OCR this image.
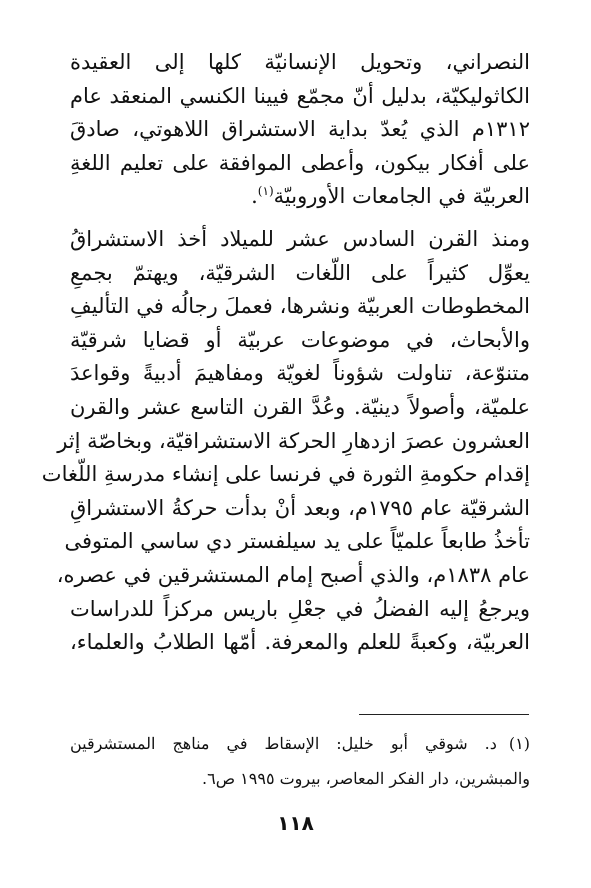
النصراني، وتحويل الإنسانيّة كلها إلى العقيدة
الكاثوليكيّة، بدليل أنّ مجمّع فيينا الكنسي المنعقد عام
١٣١٢م الذي يُعدّ بداية الاستشراق اللاهوتي، صادقَ
على أفكار بيكون، وأعطى الموافقة على تعليم اللغةِ
العربيّة في الجامعات الأوروبيّة$^{(١)}$.

ومنذ القرن السادس عشر للميلاد أخذ الاستشراقُ
يعوِّل كثيراً على اللّغات الشرقيّة، ويهتمّ بجمعِ
المخطوطات العربيّة ونشرها، فعملَ رجالُه في التأليفِ
والأبحاث، في موضوعات عربيّة أو قضايا شرقيّة
متنوّعة، تناولت شؤوناً لغويّة ومفاهيمَ أدبيةً وقواعدَ
علميّة، وأصولاً دينيّة. وعُدَّ القرن التاسع عشر والقرن
العشرون عصرَ ازدهارِ الحركة الاستشراقيّة، وبخاصّة إثر
إقدام حكومةِ الثورة في فرنسا على إنشاء مدرسةِ اللّغات
الشرقيّة عام ١٧٩٥م، وبعد أنْ بدأت حركةُ الاستشراقِ
تأخذُ طابعاً علميّاً على يد سيلفستر دي ساسي المتوفى
عام ١٨٣٨م، والذي أصبح إمام المستشرقين في عصره،
ويرجعُ إليه الفضلُ في جعْلِ باريس مركزاً للدراسات
العربيّة، وكعبةً للعلم والمعرفة. أمّها الطلابُ والعلماء،

(١)د. شوقي أبو خليل: الإسقاط في مناهج المستشرقين
والمبشرين، دار الفكر المعاصر، بيروت ١٩٩٥ ص٦.
١١٨
